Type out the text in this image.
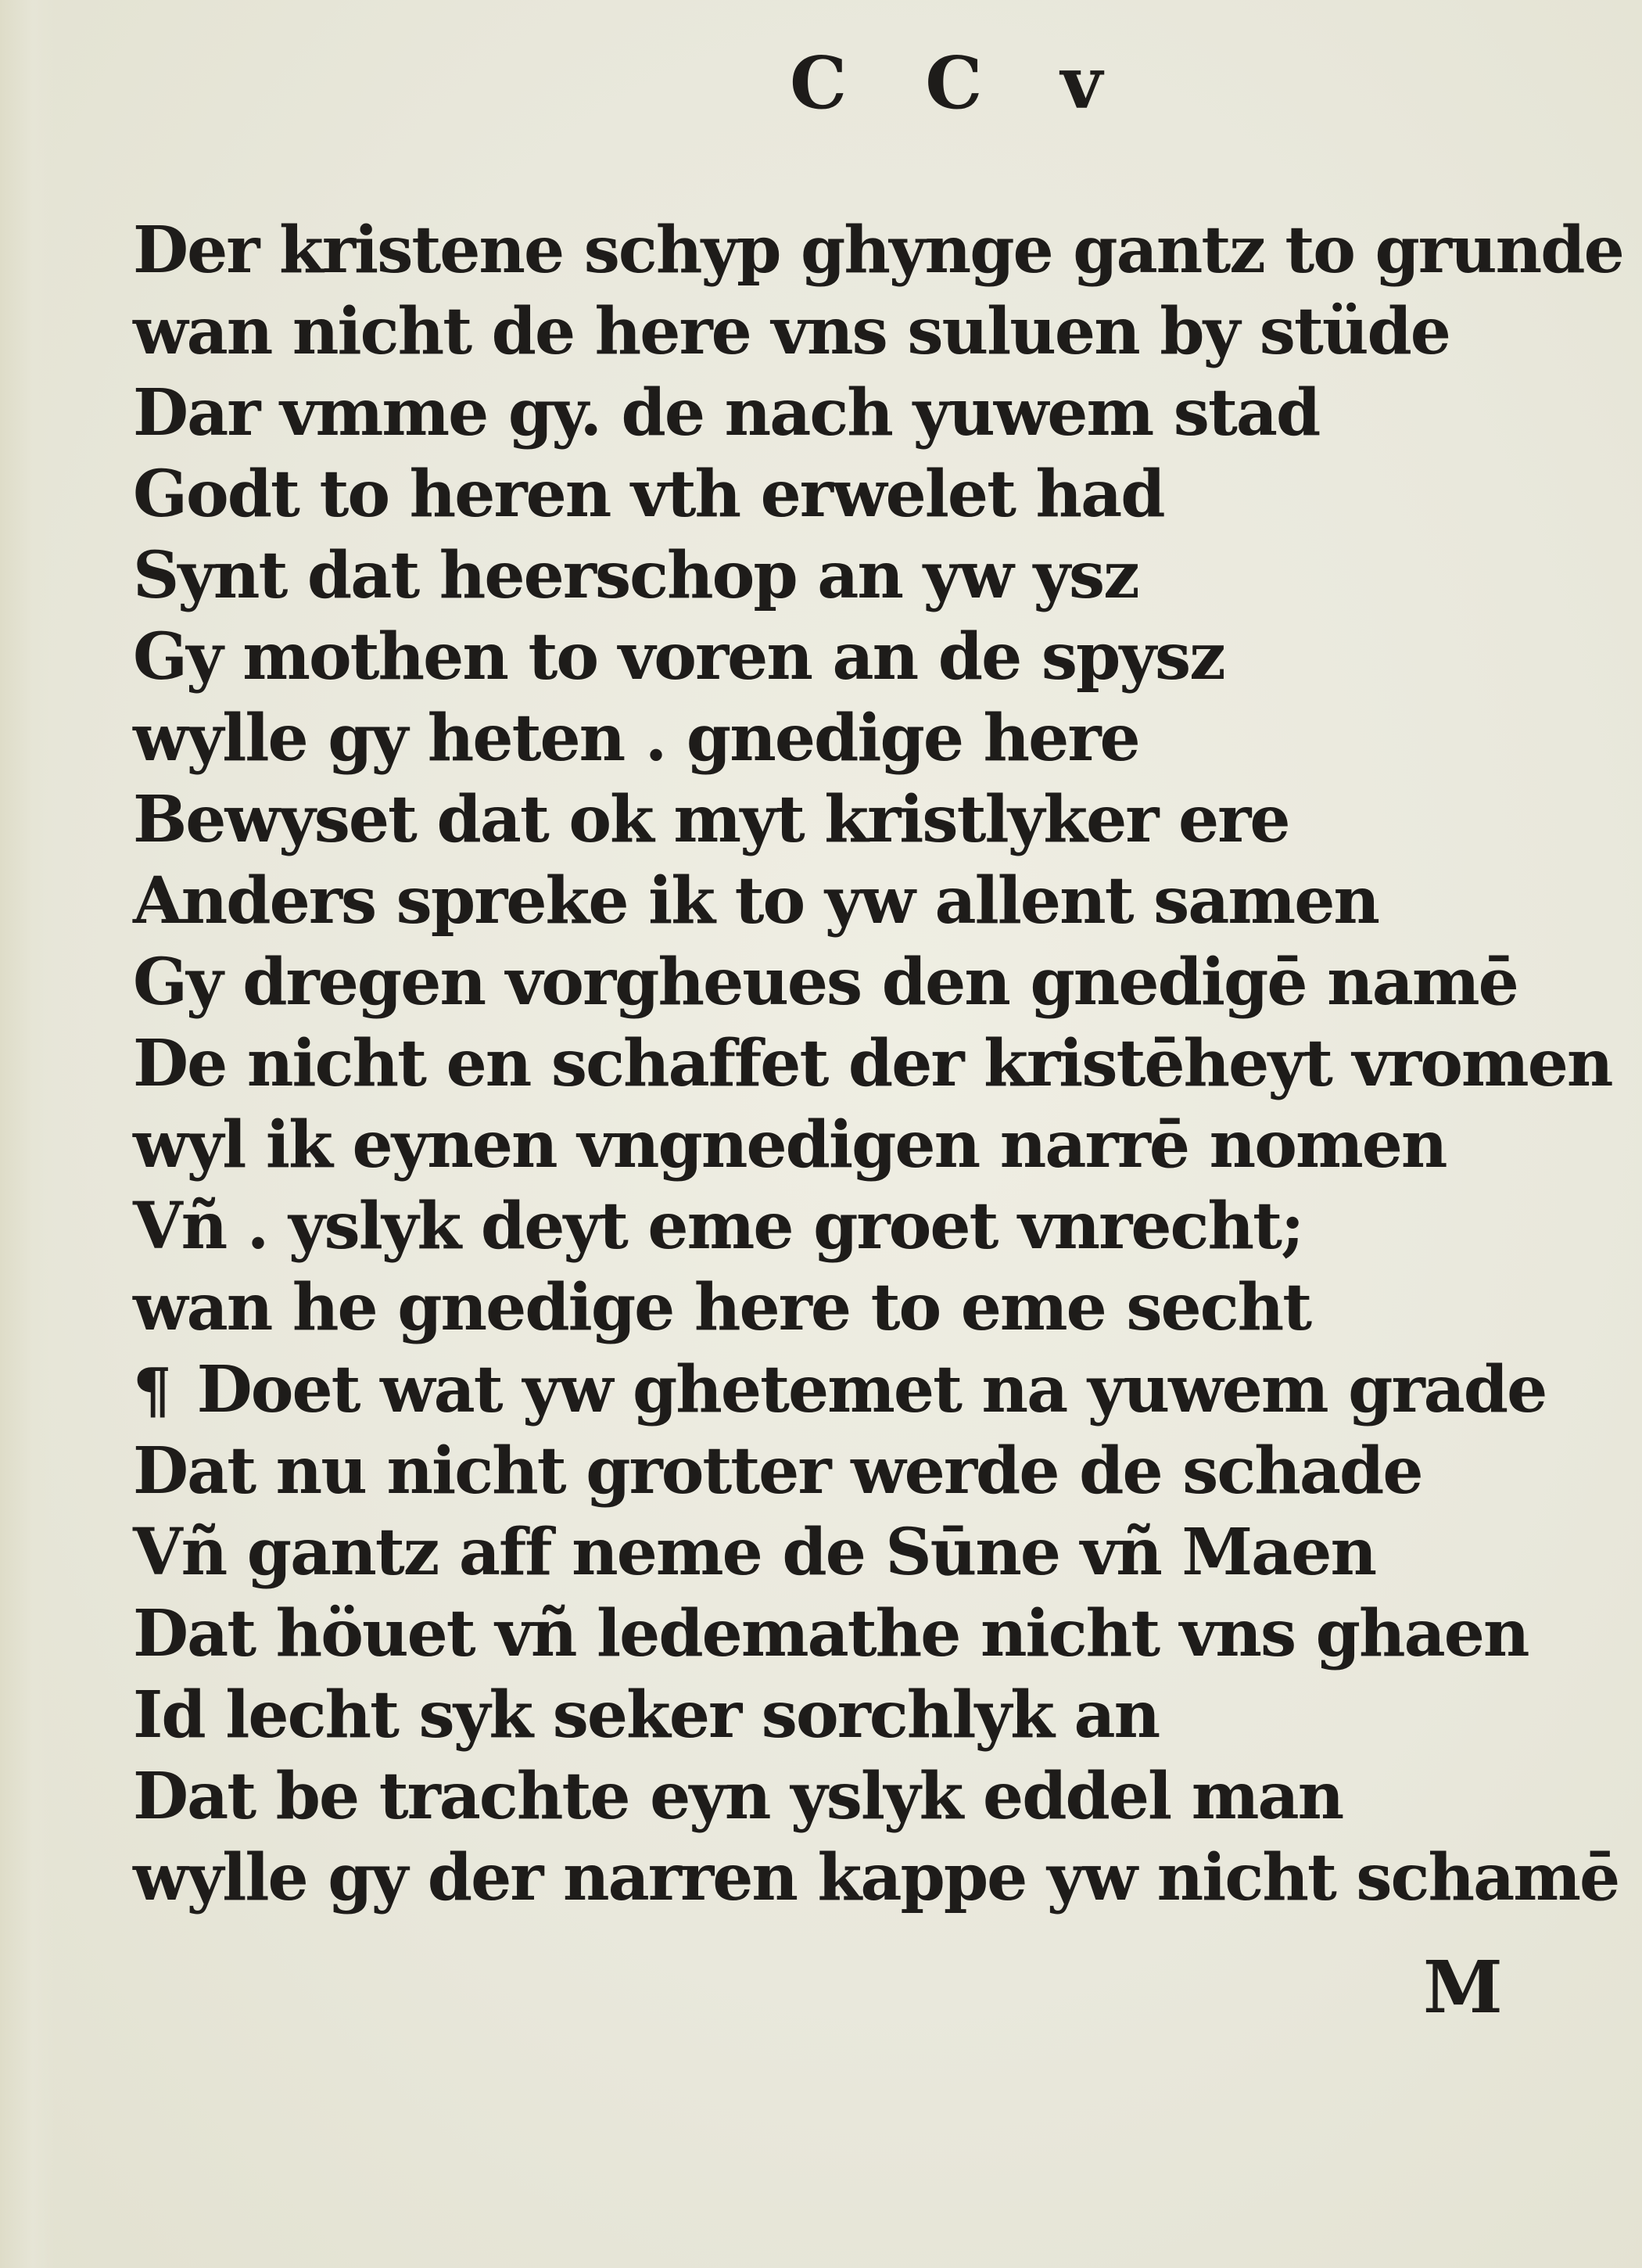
C C v
Der kristene schyp ghynge gantz to grunde
wan nicht de here vns suluen by stüde
Dar vmme gy. de nach yuwem stad
Godt to heren vth erwelet had
Synt dat heerschop an yw ysz
Gy mothen to voren an de spysz
wylle gy heten . gnedige here
Bewyset dat ok myt kristlyker ere
Anders spreke ik to yw allent samen
Gy dregen vorgheues den gnedigē namē
De nicht en schaffet der kristēheyt vromen
wyl ik eynen vngnedigen narrē nomen
Vñ . yslyk deyt eme groet vnrecht;
wan he gnedige here to eme secht
¶ Doet wat yw ghetemet na yuwem grade
Dat nu nicht grotter werde de schade
Vñ gantz aff neme de Sūne vñ Maen
Dat höuet vñ ledemathe nicht vns ghaen
Id lecht syk seker sorchlyk an
Dat be trachte eyn yslyk eddel man
wylle gy der narren kappe yw nicht schamē
M
